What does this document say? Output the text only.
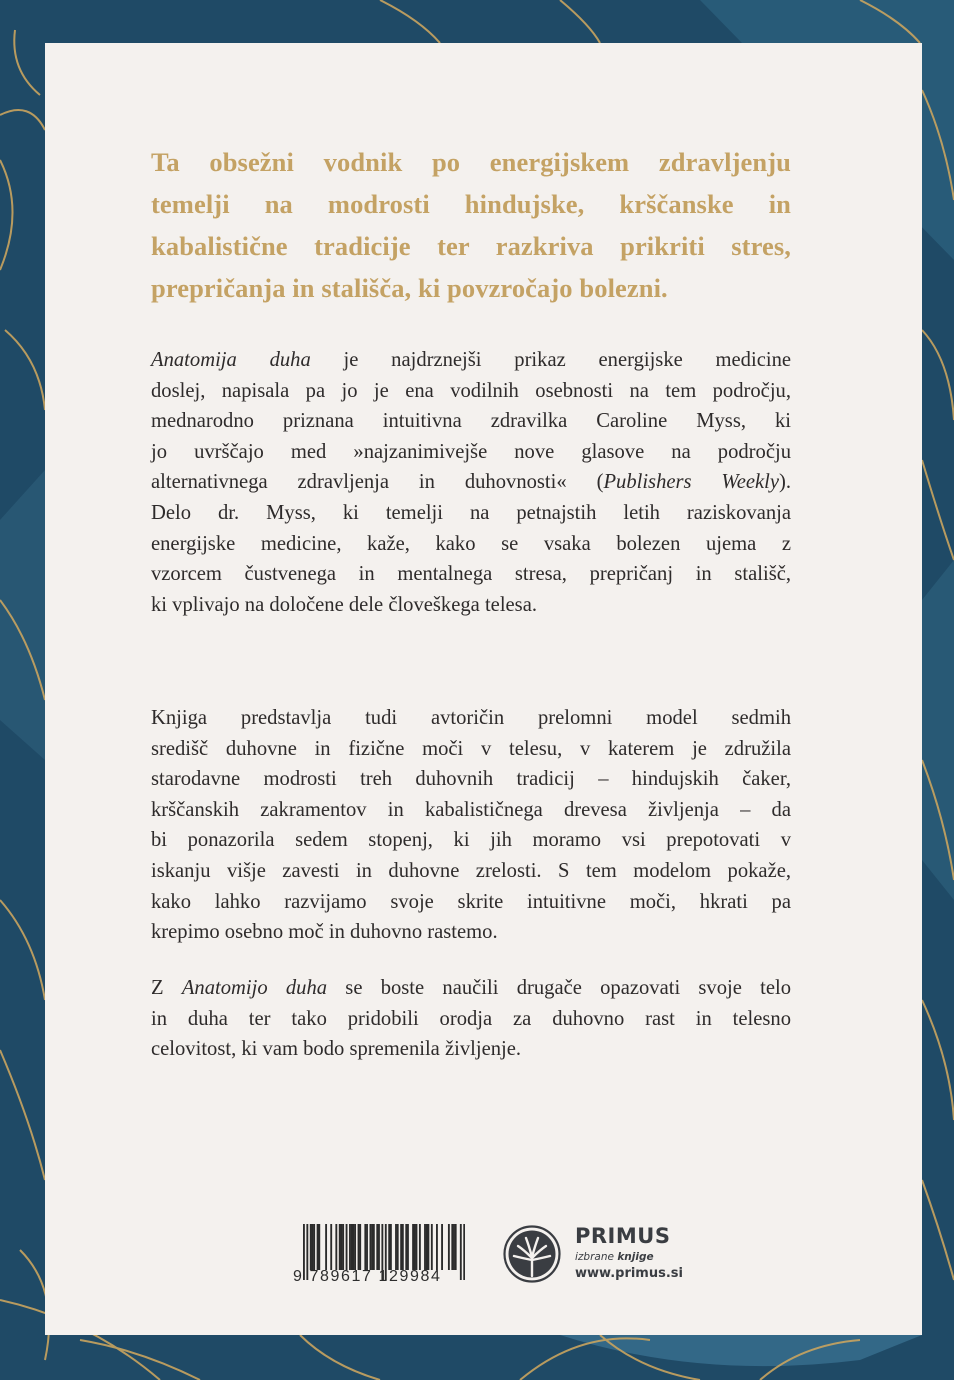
Ta obsežni vodnik po energijskem zdravljenju
temelji na modrosti hindujske, krščanske in
kabalistične tradicije ter razkriva prikriti stres,
prepričanja in stališča, ki povzročajo bolezni.
Anatomija duha je najdrznejši prikaz energijske medicine
doslej, napisala pa jo je ena vodilnih osebnosti na tem področju,
mednarodno priznana intuitivna zdravilka Caroline Myss, ki
jo uvrščajo med »najzanimivejše nove glasove na področju
alternativnega zdravljenja in duhovnosti« (Publishers Weekly).
Delo dr. Myss, ki temelji na petnajstih letih raziskovanja
energijske medicine, kaže, kako se vsaka bolezen ujema z
vzorcem čustvenega in mentalnega stresa, prepričanj in stališč,
ki vplivajo na določene dele človeškega telesa.
Knjiga predstavlja tudi avtoričin prelomni model sedmih
središč duhovne in fizične moči v telesu, v katerem je združila
starodavne modrosti treh duhovnih tradicij – hindujskih čaker,
krščanskih zakramentov in kabalističnega drevesa življenja – da
bi ponazorila sedem stopenj, ki jih moramo vsi prepotovati v
iskanju višje zavesti in duhovne zrelosti. S tem modelom pokaže,
kako lahko razvijamo svoje skrite intuitivne moči, hkrati pa
krepimo osebno moč in duhovno rastemo.
Z Anatomijo duha se boste naučili drugače opazovati svoje telo
in duha ter tako pridobili orodja za duhovno rast in telesno
celovitost, ki vam bodo spremenila življenje.
9 789617 129984
PRIMUS
izbrane knjige
www.primus.si
